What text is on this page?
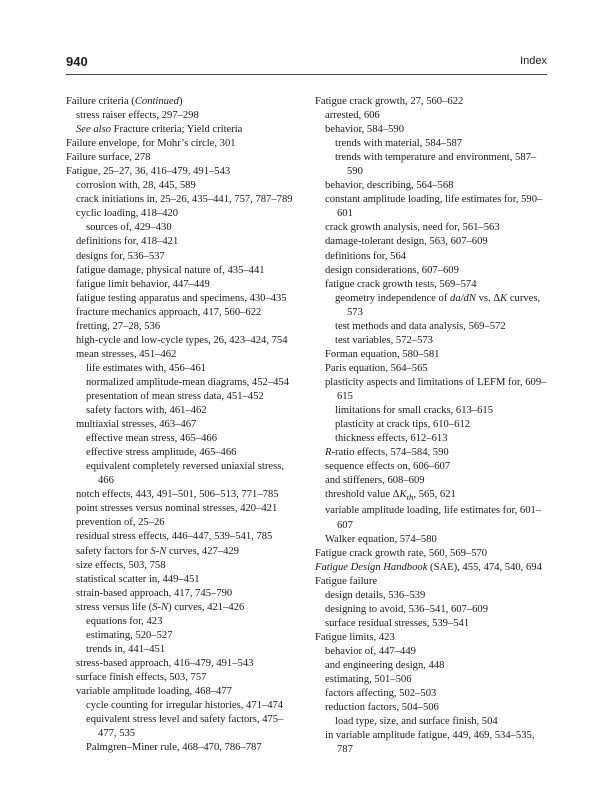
940	Index
Failure criteria (Continued)
stress raiser effects, 297–298
See also Fracture criteria; Yield criteria
Failure envelope, for Mohr’s circle, 301
Failure surface, 278
Fatigue, 25–27, 36, 416–479, 491–543
corrosion with, 28, 445, 589
crack initiations in, 25–26, 435–441, 757, 787–789
cyclic loading, 418–420
sources of, 429–430
definitions for, 418–421
designs for, 536–537
fatigue damage, physical nature of, 435–441
fatigue limit behavior, 447–449
fatigue testing apparatus and specimens, 430–435
fracture mechanics approach, 417, 560–622
fretting, 27–28, 536
high-cycle and low-cycle types, 26, 423–424, 754
mean stresses, 451–462
life estimates with, 456–461
normalized amplitude-mean diagrams, 452–454
presentation of mean stress data, 451–452
safety factors with, 461–462
multiaxial stresses, 463–467
effective mean stress, 465–466
effective stress amplitude, 465–466
equivalent completely reversed uniaxial stress, 466
notch effects, 443, 491–501, 506–513, 771–785
point stresses versus nominal stresses, 420–421
prevention of, 25–26
residual stress effects, 446–447, 539–541, 785
safety factors for S-N curves, 427–429
size effects, 503, 758
statistical scatter in, 449–451
strain-based approach, 417, 745–790
stress versus life (S-N) curves, 421–426
equations for, 423
estimating, 520–527
trends in, 441–451
stress-based approach, 416–479, 491–543
surface finish effects, 503, 757
variable amplitude loading, 468–477
cycle counting for irregular histories, 471–474
equivalent stress level and safety factors, 475–477, 535
Palmgren–Miner rule, 468–470, 786–787
Fatigue crack growth, 27, 560–622
arrested, 606
behavior, 584–590
trends with material, 584–587
trends with temperature and environment, 587–590
behavior, describing, 564–568
constant amplitude loading, life estimates for, 590–601
crack growth analysis, need for, 561–563
damage-tolerant design, 563, 607–609
definitions for, 564
design considerations, 607–609
fatigue crack growth tests, 569–574
geometry independence of da/dN vs. ΔK curves, 573
test methods and data analysis, 569–572
test variables, 572–573
Forman equation, 580–581
Paris equation, 564–565
plasticity aspects and limitations of LEFM for, 609–615
limitations for small cracks, 613–615
plasticity at crack tips, 610–612
thickness effects, 612–613
R-ratio effects, 574–584, 590
sequence effects on, 606–607
and stiffeners, 608–609
threshold value $\Delta K_{th}$, 565, 621
variable amplitude loading, life estimates for, 601–607
Walker equation, 574–580
Fatigue crack growth rate, 560, 569–570
Fatigue Design Handbook (SAE), 455, 474, 540, 694
Fatigue failure
design details, 536–539
designing to avoid, 536–541, 607–609
surface residual stresses, 539–541
Fatigue limits, 423
behavior of, 447–449
and engineering design, 448
estimating, 501–506
factors affecting, 502–503
reduction factors, 504–506
load type, size, and surface finish, 504
in variable amplitude fatigue, 449, 469, 534–535, 787
